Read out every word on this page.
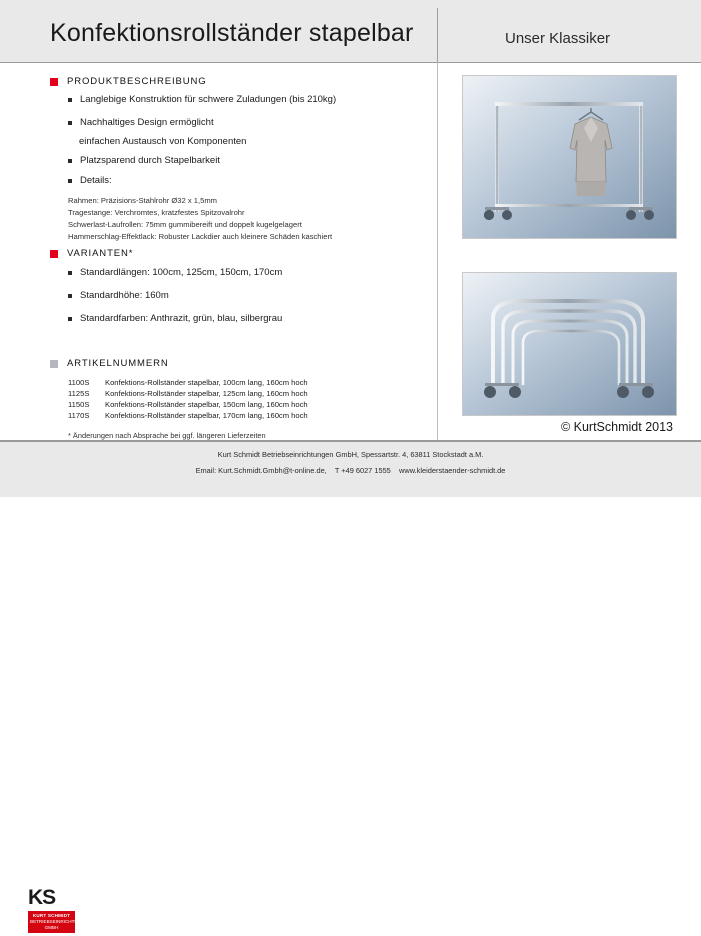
Konfektionsrollständer stapelbar	Unser Klassiker
PRODUKTBESCHREIBUNG
Langlebige Konstruktion für schwere Zuladungen (bis 210kg)
Nachhaltiges Design ermöglicht
einfachen Austausch von Komponenten
Platzsparend durch Stapelbarkeit
Details:
Rahmen: Präzisions-Stahlrohr Ø32 x 1,5mm
Tragestange: Verchromtes, kratzfestes Spitzovalrohr
Schwerlast-Laufrollen: 75mm gummibereift und doppelt kugelgelagert
Hammerschlag-Effektlack: Robuster Lackdier auch kleinere Schäden kaschiert
VARIANTEN*
Standardlängen: 100cm, 125cm, 150cm, 170cm
Standardhöhe: 160m
Standardfarben: Anthrazit, grün, blau, silbergrau
ARTIKELNUMMERN
1100S	Konfektions-Rollständer stapelbar, 100cm lang, 160cm hoch
1125S	Konfektions-Rollständer stapelbar, 125cm lang, 160cm hoch
1150S	Konfektions-Rollständer stapelbar, 150cm lang, 160cm hoch
1170S	Konfektions-Rollständer stapelbar, 170cm lang, 160cm hoch
* Änderungen nach Absprache bei ggf. längeren Lieferzeiten
© KurtSchmidt 2013
Kurt Schmidt Betriebseinrichtungen GmbH, Spessartstr. 4, 63811 Stockstadt a.M.
Email: Kurt.Schmidt.Gmbh@t-online.de, T +49 6027 1555 www.kleiderstaender-schmidt.de
KS
KURT SCHMIDT
BETRIEBSEINRICHTUNGEN GMBH
